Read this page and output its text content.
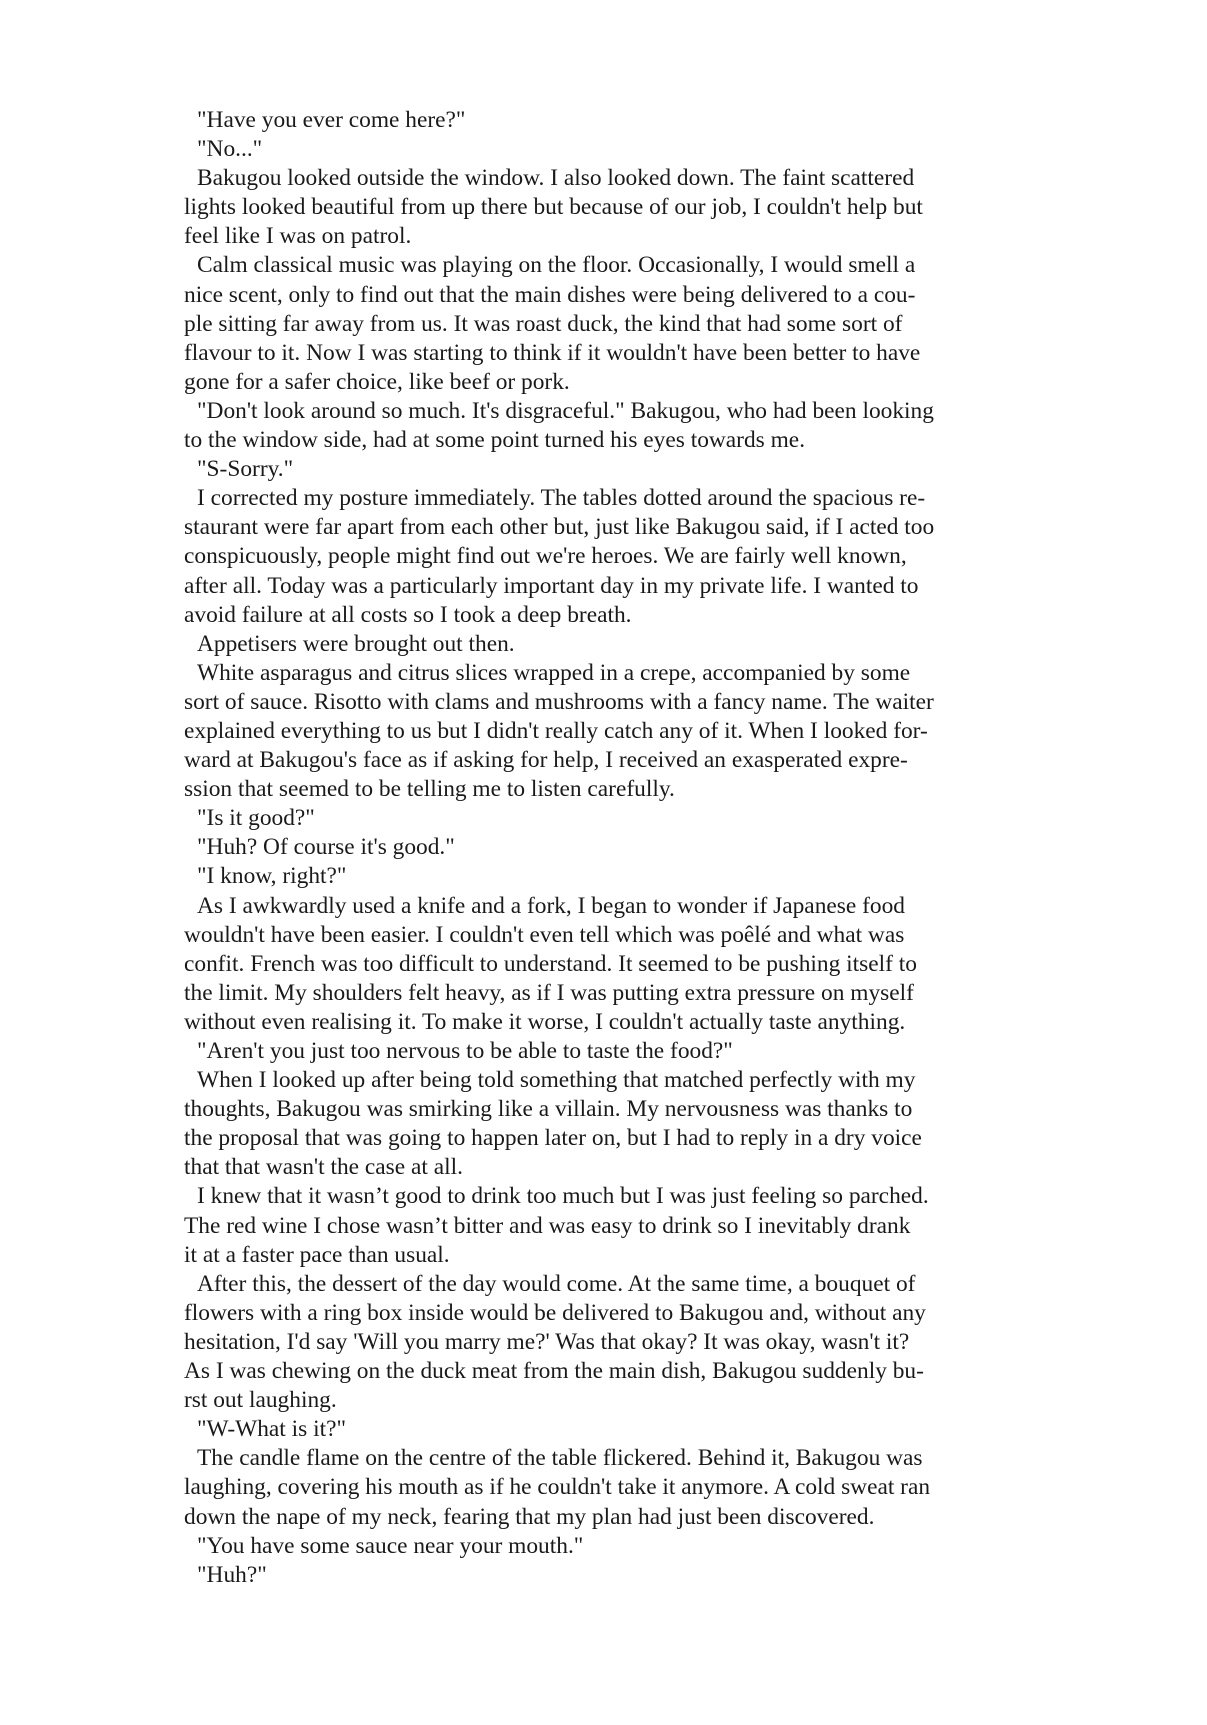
"Have you ever come here?"
"No..."
Bakugou looked outside the window. I also looked down. The faint scattered
lights looked beautiful from up there but because of our job, I couldn't help but
feel like I was on patrol.
Calm classical music was playing on the floor. Occasionally, I would smell a
nice scent, only to find out that the main dishes were being delivered to a cou-
ple sitting far away from us. It was roast duck, the kind that had some sort of
flavour to it. Now I was starting to think if it wouldn't have been better to have
gone for a safer choice, like beef or pork.
"Don't look around so much. It's disgraceful." Bakugou, who had been looking
to the window side, had at some point turned his eyes towards me.
"S-Sorry."
I corrected my posture immediately. The tables dotted around the spacious re-
staurant were far apart from each other but, just like Bakugou said, if I acted too
conspicuously, people might find out we're heroes. We are fairly well known,
after all. Today was a particularly important day in my private life. I wanted to
avoid failure at all costs so I took a deep breath.
Appetisers were brought out then.
White asparagus and citrus slices wrapped in a crepe, accompanied by some
sort of sauce. Risotto with clams and mushrooms with a fancy name. The waiter
explained everything to us but I didn't really catch any of it. When I looked for-
ward at Bakugou's face as if asking for help, I received an exasperated expre-
ssion that seemed to be telling me to listen carefully.
"Is it good?"
"Huh? Of course it's good."
"I know, right?"
As I awkwardly used a knife and a fork, I began to wonder if Japanese food
wouldn't have been easier. I couldn't even tell which was poêlé and what was
confit. French was too difficult to understand. It seemed to be pushing itself to
the limit. My shoulders felt heavy, as if I was putting extra pressure on myself
without even realising it. To make it worse, I couldn't actually taste anything.
"Aren't you just too nervous to be able to taste the food?"
When I looked up after being told something that matched perfectly with my
thoughts, Bakugou was smirking like a villain. My nervousness was thanks to
the proposal that was going to happen later on, but I had to reply in a dry voice
that that wasn't the case at all.
I knew that it wasn’t good to drink too much but I was just feeling so parched.
The red wine I chose wasn’t bitter and was easy to drink so I inevitably drank
it at a faster pace than usual.
After this, the dessert of the day would come. At the same time, a bouquet of
flowers with a ring box inside would be delivered to Bakugou and, without any
hesitation, I'd say 'Will you marry me?' Was that okay? It was okay, wasn't it?
As I was chewing on the duck meat from the main dish, Bakugou suddenly bu-
rst out laughing.
"W-What is it?"
The candle flame on the centre of the table flickered. Behind it, Bakugou was
laughing, covering his mouth as if he couldn't take it anymore. A cold sweat ran
down the nape of my neck, fearing that my plan had just been discovered.
"You have some sauce near your mouth."
"Huh?"
